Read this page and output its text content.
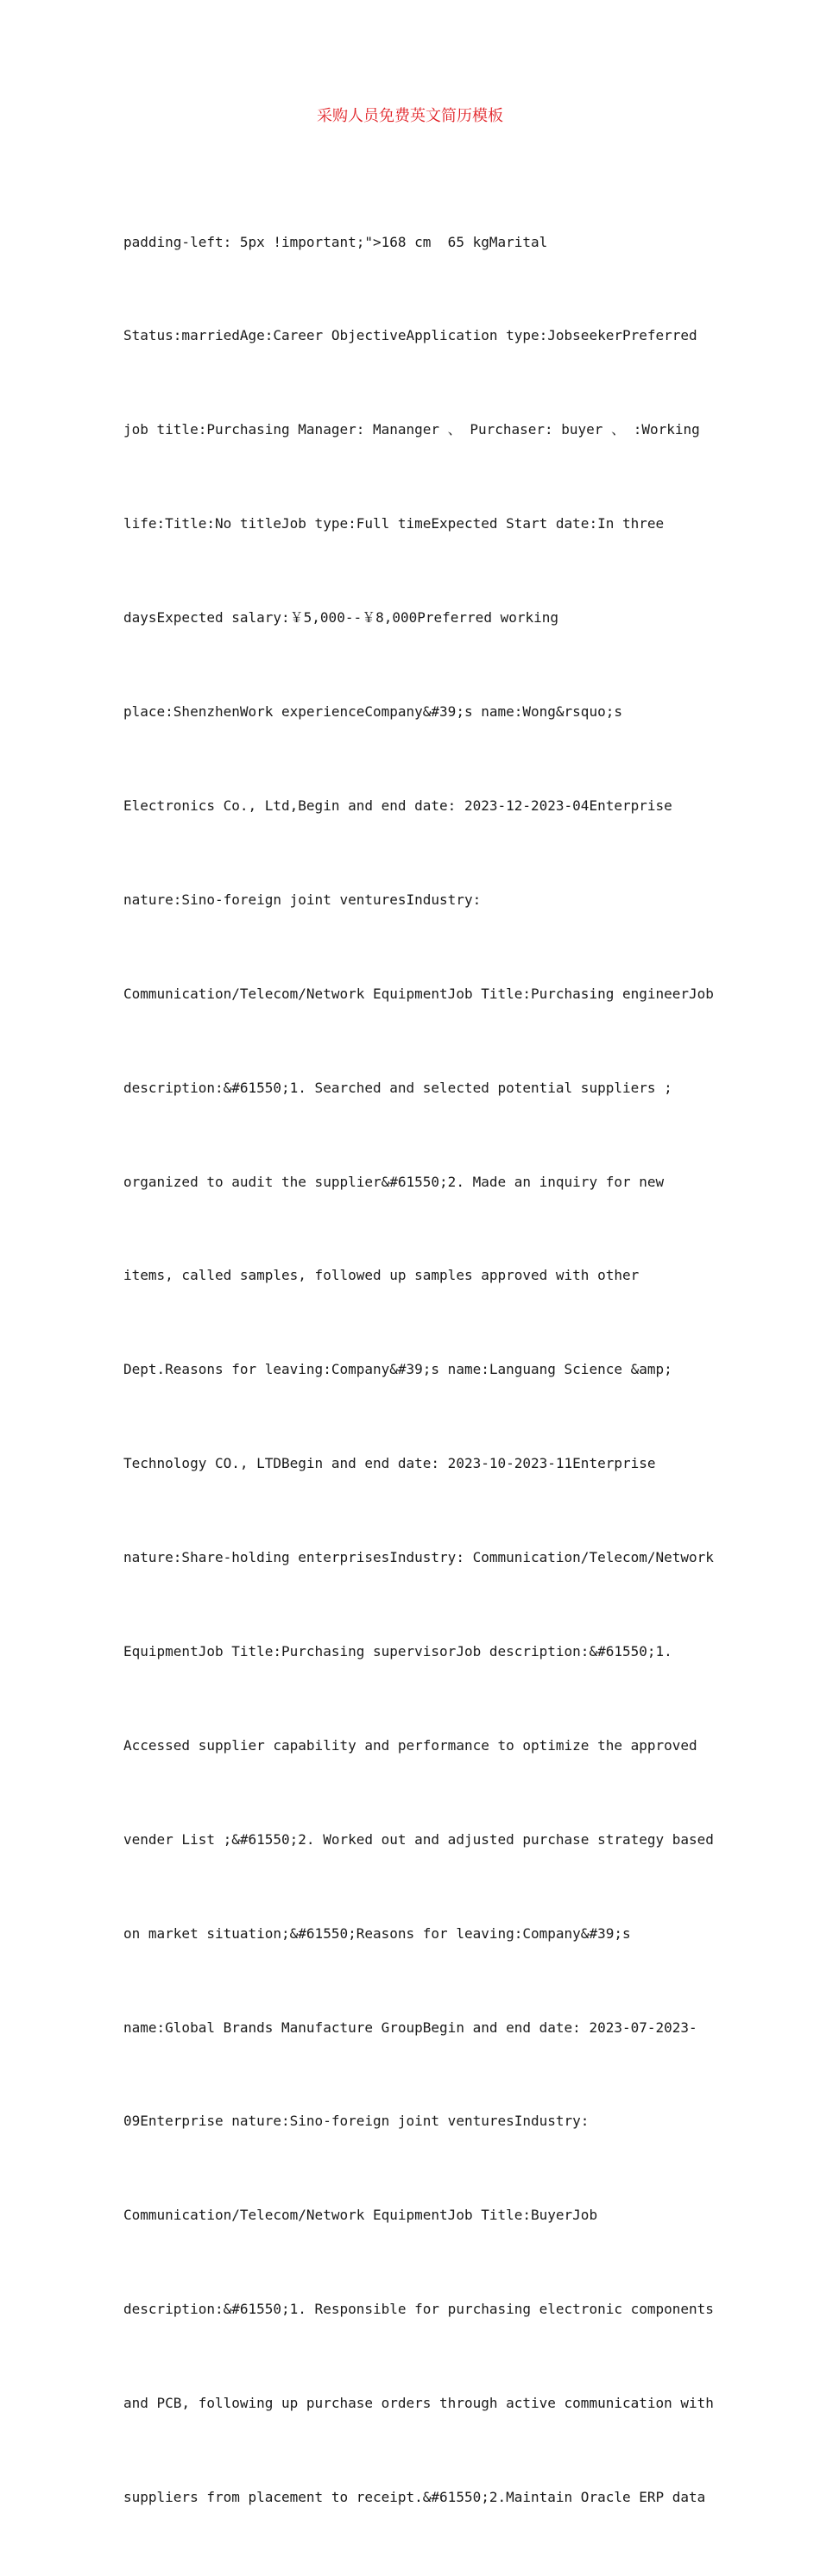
采购人员免费英文简历模板

padding-left: 5px !important;">168 cm  65 kgMarital

Status:marriedAge:Career ObjectiveApplication type:JobseekerPreferred

job title:Purchasing Manager: Mananger 、 Purchaser: buyer 、 :Working

life:Title:No titleJob type:Full timeExpected Start date:In three

daysExpected salary:￥5,000--￥8,000Preferred working

place:ShenzhenWork experienceCompany&#39;s name:Wong&rsquo;s

Electronics Co., Ltd,Begin and end date: 2023-12-2023-04Enterprise

nature:Sino-foreign joint venturesIndustry:

Communication/Telecom/Network EquipmentJob Title:Purchasing engineerJob

description:&#61550;1. Searched and selected potential suppliers ;

organized to audit the supplier&#61550;2. Made an inquiry for new

items, called samples, followed up samples approved with other

Dept.Reasons for leaving:Company&#39;s name:Languang Science &amp;

Technology CO., LTDBegin and end date: 2023-10-2023-11Enterprise

nature:Share-holding enterprisesIndustry: Communication/Telecom/Network

EquipmentJob Title:Purchasing supervisorJob description:&#61550;1.

Accessed supplier capability and performance to optimize the approved

vender List ;&#61550;2. Worked out and adjusted purchase strategy based

on market situation;&#61550;Reasons for leaving:Company&#39;s

name:Global Brands Manufacture GroupBegin and end date: 2023-07-2023-

09Enterprise nature:Sino-foreign joint venturesIndustry:

Communication/Telecom/Network EquipmentJob Title:BuyerJob

description:&#61550;1. Responsible for purchasing electronic components

and PCB, following up purchase orders through active communication with

suppliers from placement to receipt.&#61550;2.Maintain Oracle ERP data
